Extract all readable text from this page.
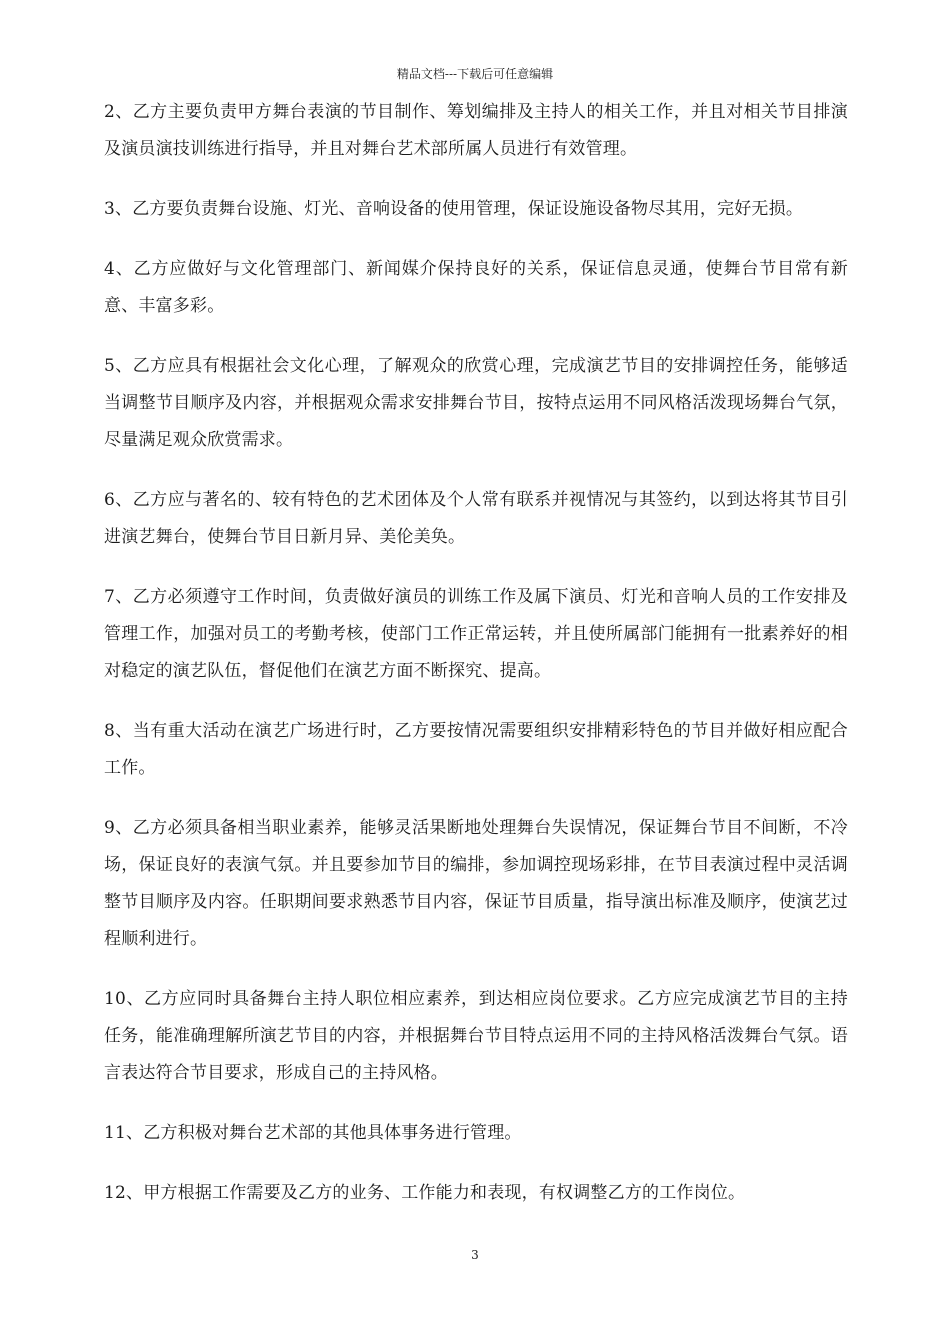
精品文档---下载后可任意编辑

2、乙方主要负责甲方舞台表演的节目制作、筹划编排及主持人的相关工作，并且对相关节目排演及演员演技训练进行指导，并且对舞台艺术部所属人员进行有效管理。

3、乙方要负责舞台设施、灯光、音响设备的使用管理，保证设施设备物尽其用，完好无损。

4、乙方应做好与文化管理部门、新闻媒介保持良好的关系，保证信息灵通，使舞台节目常有新意、丰富多彩。

5、乙方应具有根据社会文化心理，了解观众的欣赏心理，完成演艺节目的安排调控任务，能够适当调整节目顺序及内容，并根据观众需求安排舞台节目，按特点运用不同风格活泼现场舞台气氛，尽量满足观众欣赏需求。

6、乙方应与著名的、较有特色的艺术团体及个人常有联系并视情况与其签约，以到达将其节目引进演艺舞台，使舞台节目日新月异、美伦美奂。

7、乙方必须遵守工作时间，负责做好演员的训练工作及属下演员、灯光和音响人员的工作安排及管理工作，加强对员工的考勤考核，使部门工作正常运转，并且使所属部门能拥有一批素养好的相对稳定的演艺队伍，督促他们在演艺方面不断探究、提高。

8、当有重大活动在演艺广场进行时，乙方要按情况需要组织安排精彩特色的节目并做好相应配合工作。

9、乙方必须具备相当职业素养，能够灵活果断地处理舞台失误情况，保证舞台节目不间断，不冷场，保证良好的表演气氛。并且要参加节目的编排，参加调控现场彩排，在节目表演过程中灵活调整节目顺序及内容。任职期间要求熟悉节目内容，保证节目质量，指导演出标准及顺序，使演艺过程顺利进行。

10、乙方应同时具备舞台主持人职位相应素养，到达相应岗位要求。乙方应完成演艺节目的主持任务，能准确理解所演艺节目的内容，并根据舞台节目特点运用不同的主持风格活泼舞台气氛。语言表达符合节目要求，形成自己的主持风格。

11、乙方积极对舞台艺术部的其他具体事务进行管理。

12、甲方根据工作需要及乙方的业务、工作能力和表现，有权调整乙方的工作岗位。

3
